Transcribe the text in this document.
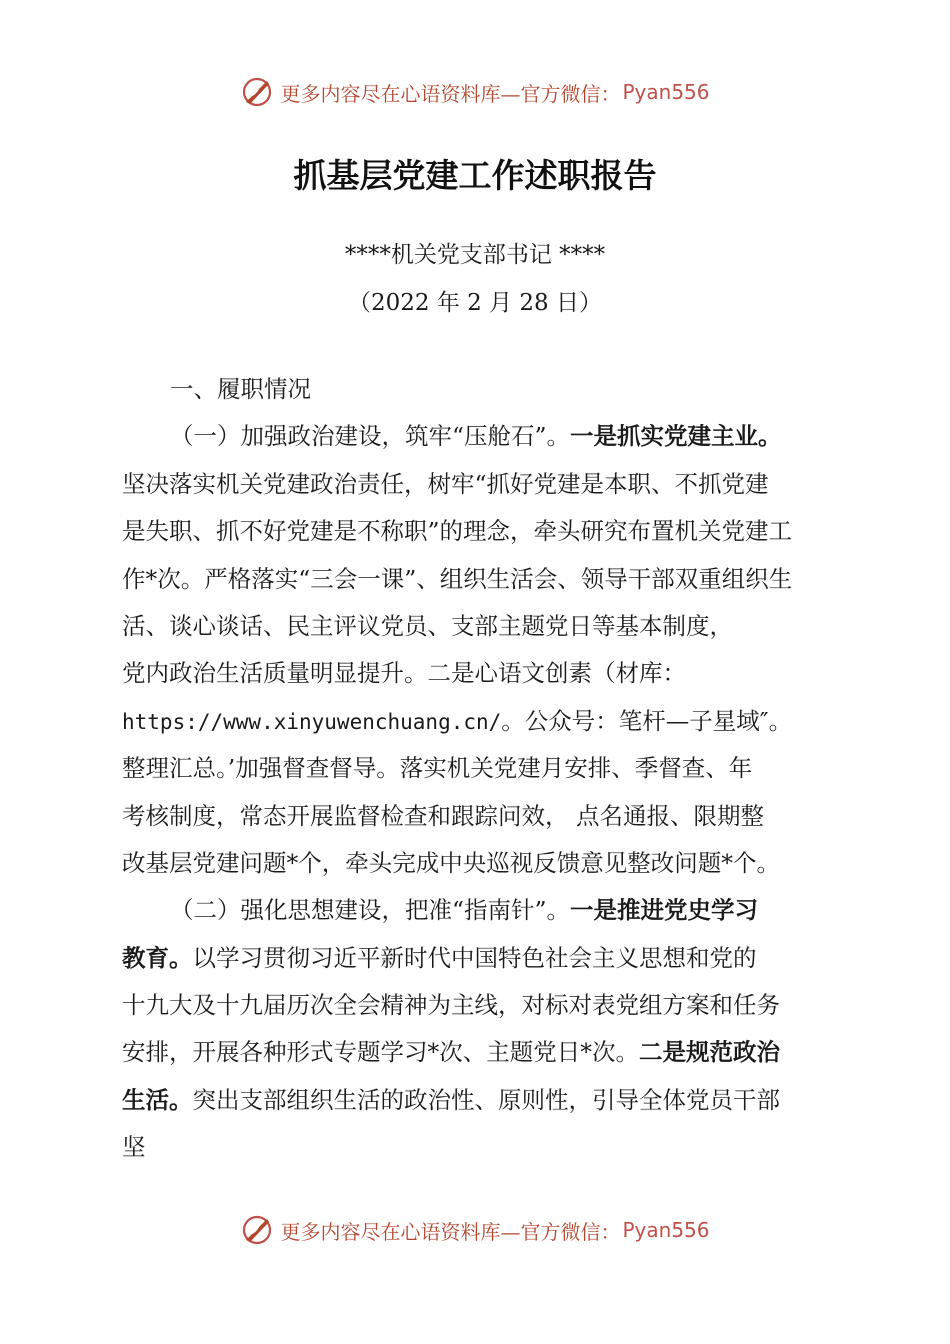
更多内容尽在心语资料库 —官方微信： Pyan556
抓基层党建工作述职报告
****机关党支部书记 ****
（2022 年 2 月 28 日）
一、履职情况
（一）加强政治建设，筑牢“压舱石”。一是抓实党建主业。
坚决落实机关党建政治责任，树牢“抓好党建是本职、不抓党建
是失职、抓不好党建是不称职”的理念，牵头研究布置机关党建工
作*次。严格落实“三会一课”、组织生活会、领导干部双重组织生
活、谈心谈话、民主评议党员、支部主题党日等基本制度，
党内政治生活质量明显提升。二是心语文创素（材库：
https://www.xinyuwenchuang.cn/。公众号：笔杆—子星域″。
整理汇总。’加强督查督导。落实机关党建月安排、季督查、年
考核制度，常态开展监督检查和跟踪问效， 点名通报、限期整
改基层党建问题*个，牵头完成中央巡视反馈意见整改问题*个。
（二）强化思想建设，把准“指南针”。一是推进党史学习
教育。以学习贯彻习近平新时代中国特色社会主义思想和党的
十九大及十九届历次全会精神为主线，对标对表党组方案和任务
安排，开展各种形式专题学习*次、主题党日*次。二是规范政治
生活。突出支部组织生活的政治性、原则性，引导全体党员干部
坚
更多内容尽在心语资料库 —官方微信： Pyan556
